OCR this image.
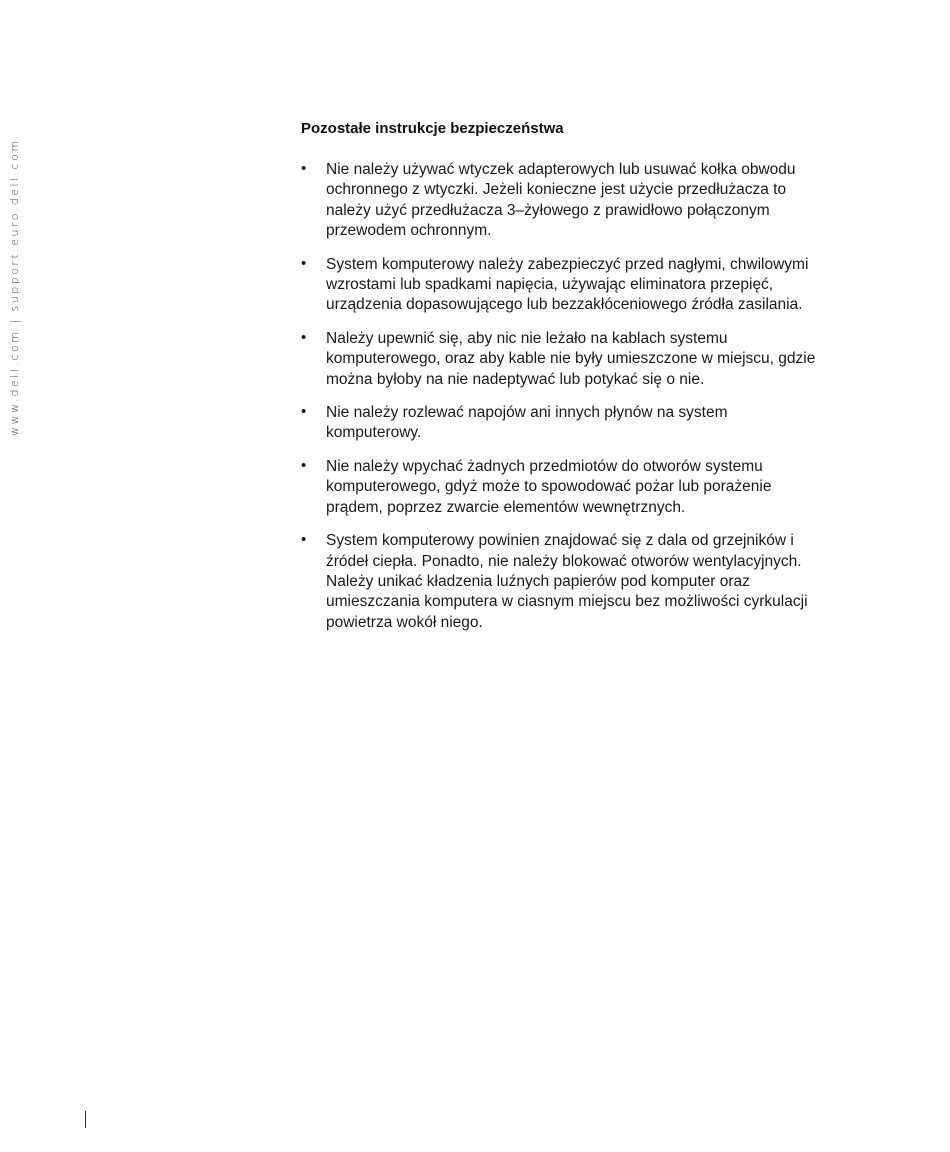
www.dell.com | support.euro.dell.com
Pozostałe instrukcje bezpieczeństwa
• Nie należy używać wtyczek adapterowych lub usuwać kołka obwodu ochronnego z wtyczki. Jeżeli konieczne jest użycie przedłużacza to należy użyć przedłużacza 3–żyłowego z prawidłowo połączonym przewodem ochronnym.
• System komputerowy należy zabezpieczyć przed nagłymi, chwilowymi wzrostami lub spadkami napięcia, używając eliminatora przepięć, urządzenia dopasowującego lub bezzakłóceniowego źródła zasilania.
• Należy upewnić się, aby nic nie leżało na kablach systemu komputerowego, oraz aby kable nie były umieszczone w miejscu, gdzie można byłoby na nie nadeptywać lub potykać się o nie.
• Nie należy rozlewać napojów ani innych płynów na system komputerowy.
• Nie należy wpychać żadnych przedmiotów do otworów systemu komputerowego, gdyż może to spowodować pożar lub porażenie prądem, poprzez zwarcie elementów wewnętrznych.
• System komputerowy powinien znajdować się z dala od grzejników i źródeł ciepła. Ponadto, nie należy blokować otworów wentylacyjnych. Należy unikać kładzenia luźnych papierów pod komputer oraz umieszczania komputera w ciasnym miejscu bez możliwości cyrkulacji powietrza wokół niego.
